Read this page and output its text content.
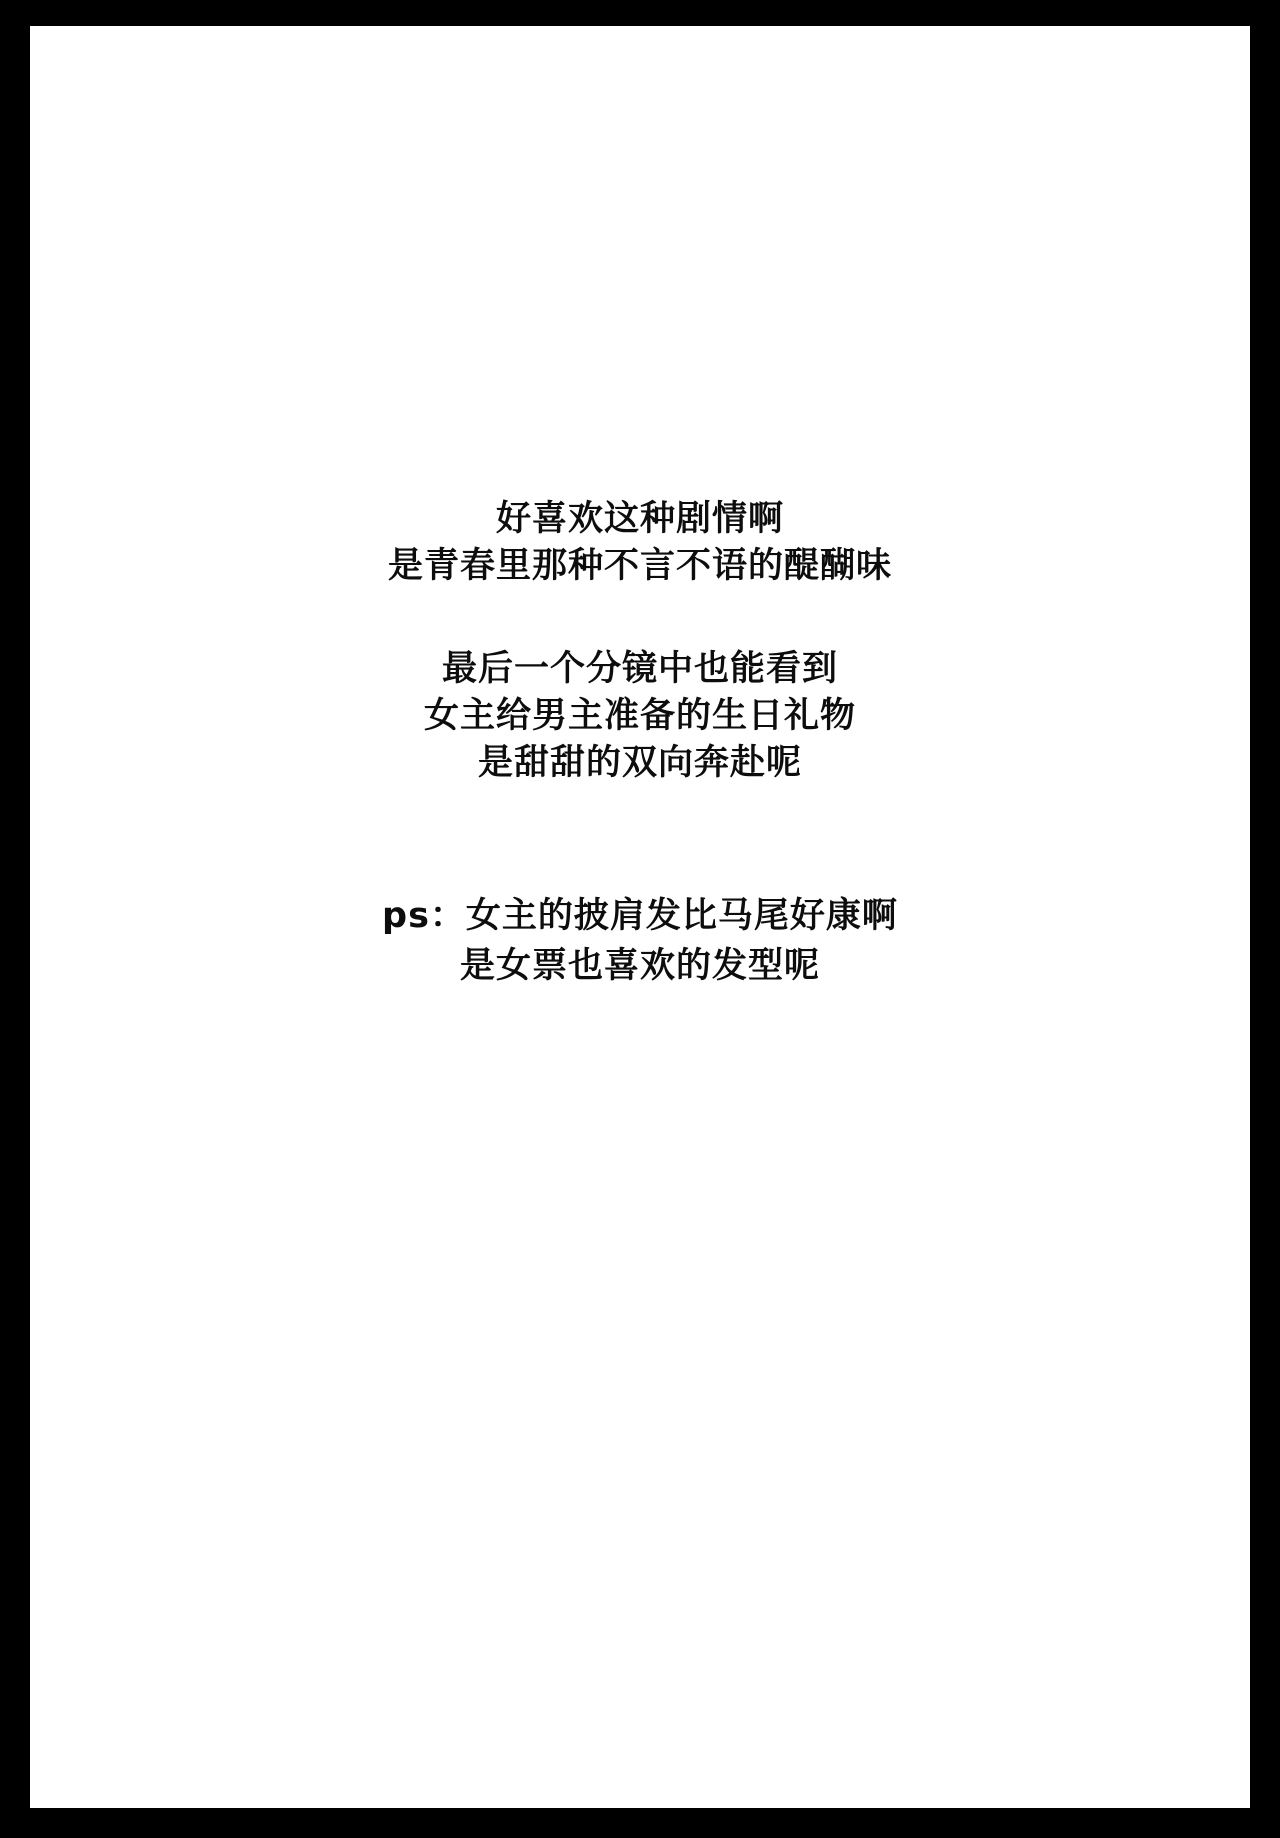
好喜欢这种剧情啊
是青春里那种不言不语的醍醐味
最后一个分镜中也能看到
女主给男主准备的生日礼物
是甜甜的双向奔赴呢
ps：女主的披肩发比马尾好康啊
是女票也喜欢的发型呢
